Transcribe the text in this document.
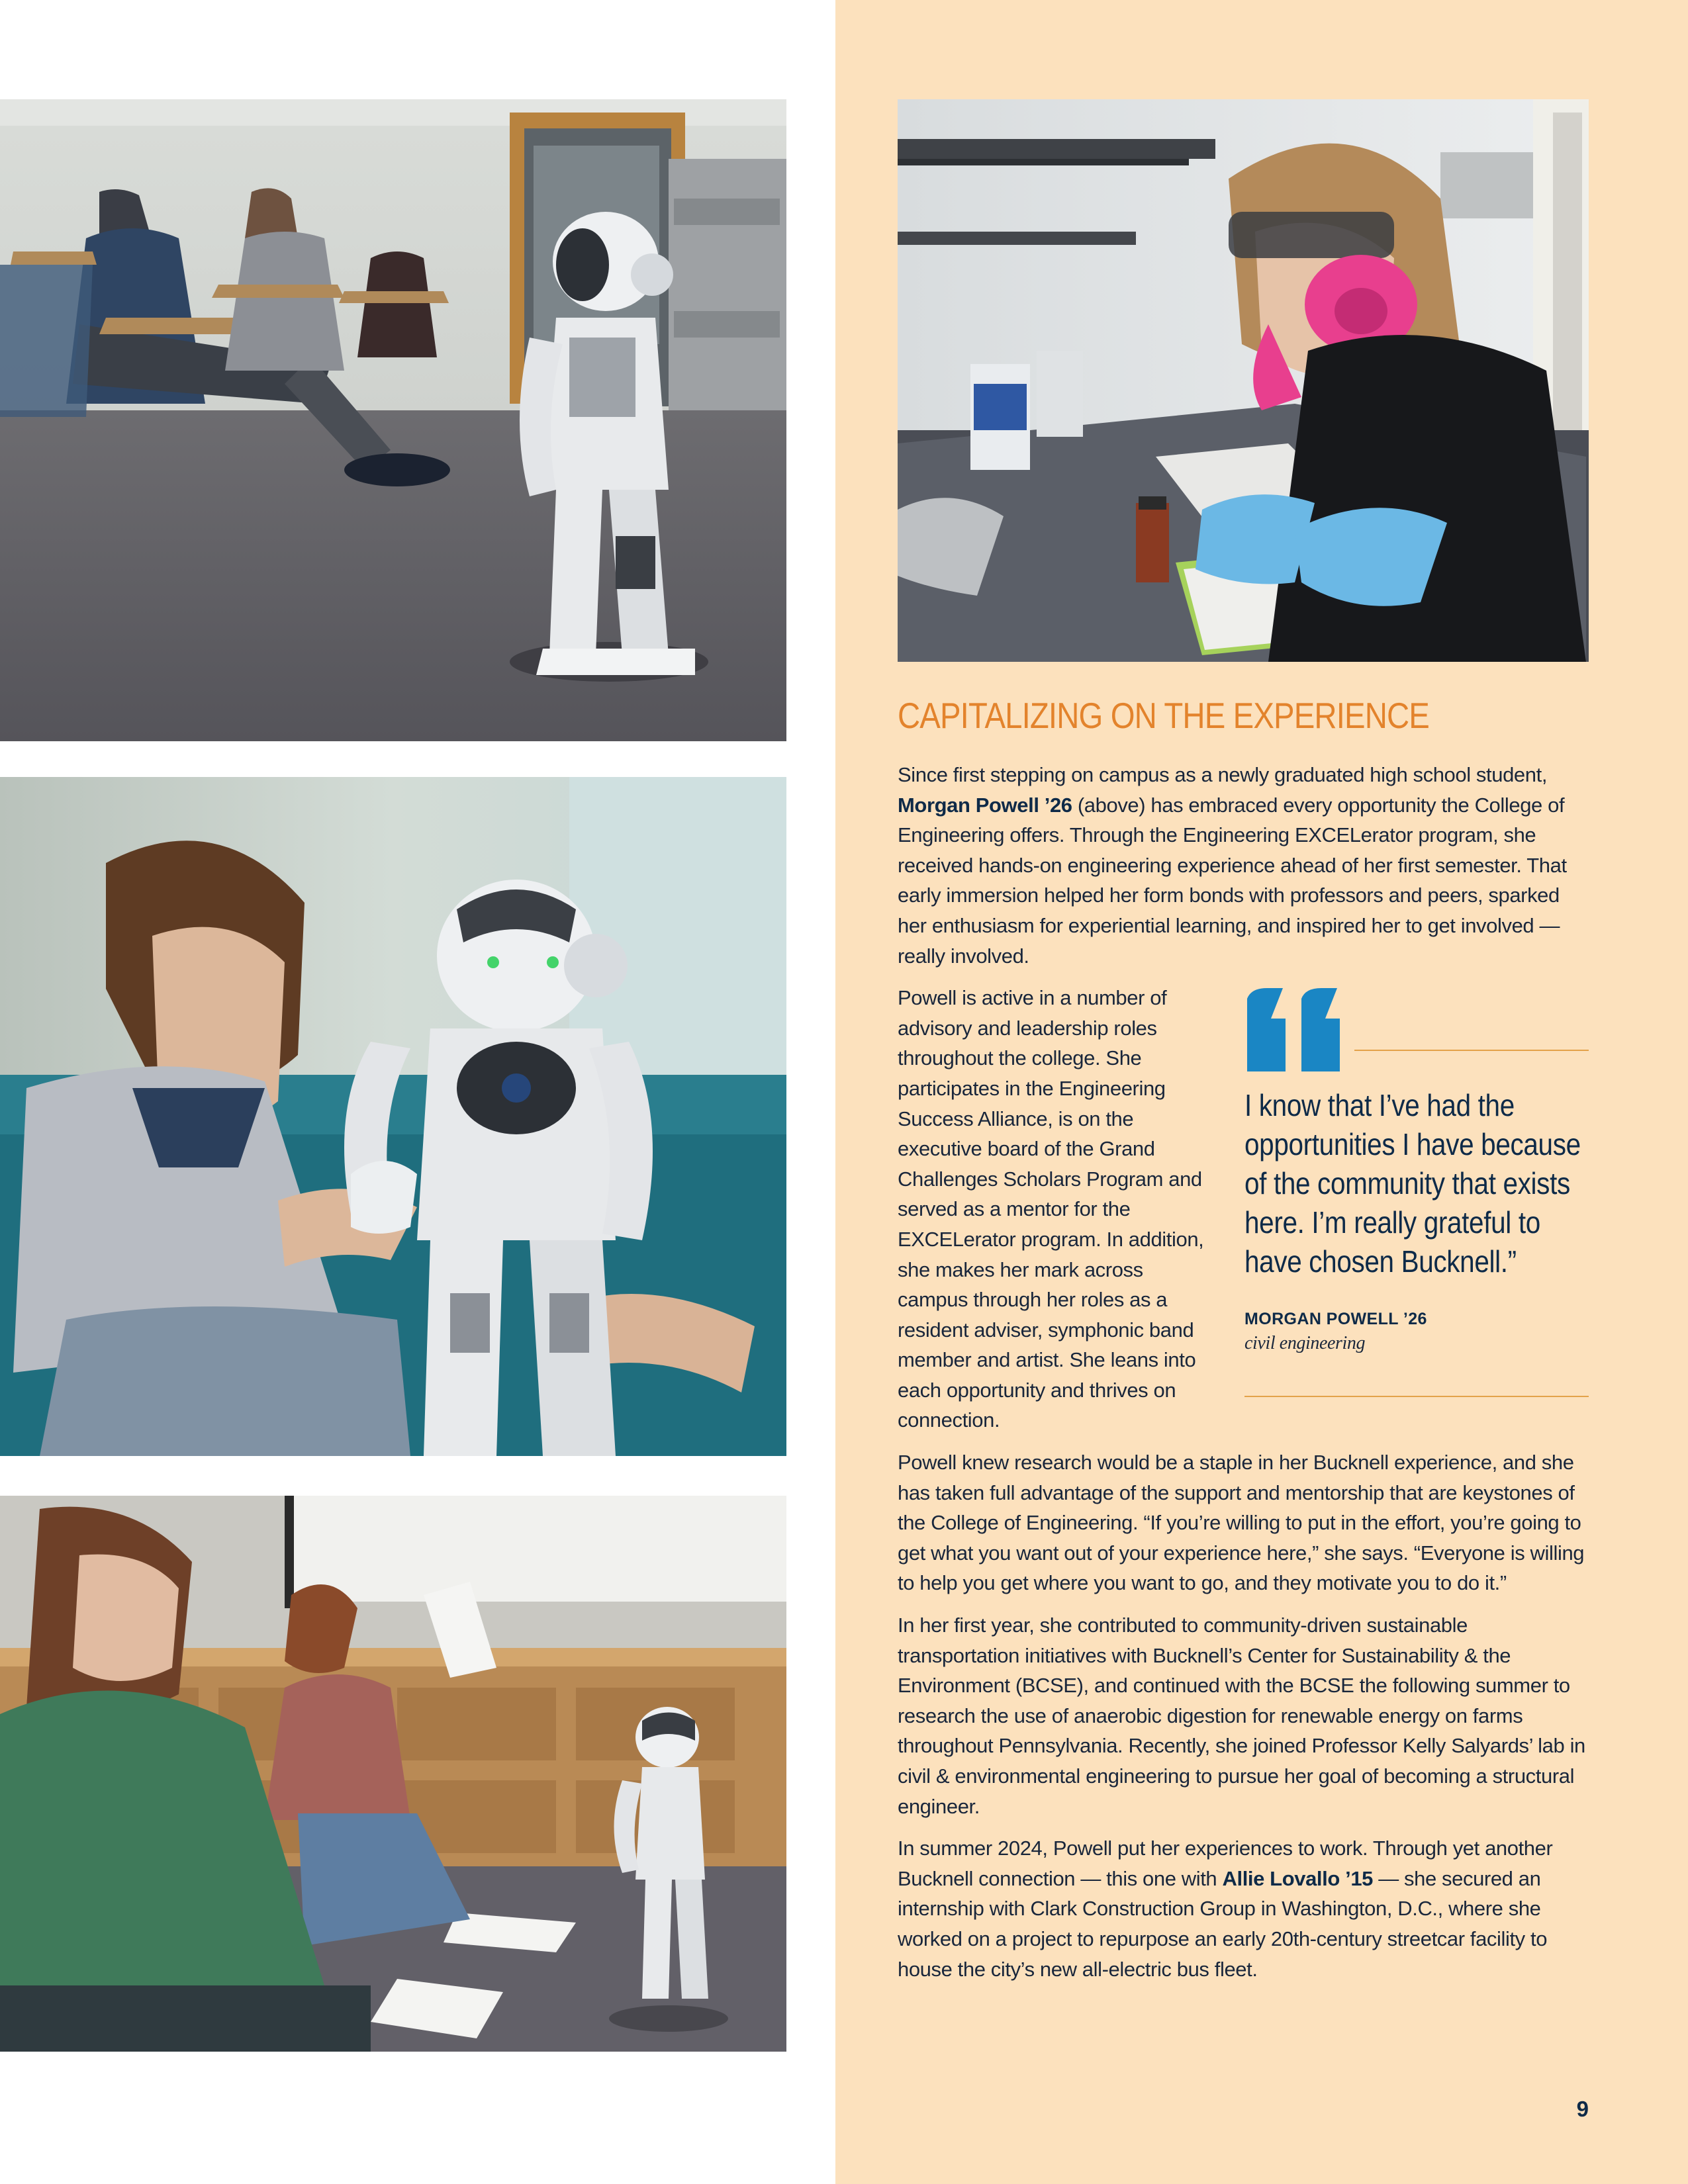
CAPITALIZING ON THE EXPERIENCE

Since first stepping on campus as a newly graduated high school student, Morgan Powell ’26 (above) has embraced every opportunity the College of Engineering offers. Through the Engineering EXCELerator program, she received hands-on engineering experience ahead of her first semester. That early immersion helped her form bonds with professors and peers, sparked her enthusiasm for experiential learning, and inspired her to get involved — really involved.

I know that I’ve had the
opportunities I have because
of the community that exists
here. I’m really grateful to
have chosen Bucknell.”
MORGAN POWELL ’26
civil engineering

Powell is active in a number of advisory and leadership roles throughout the college. She participates in the Engineering Success Alliance, is on the executive board of the Grand Challenges Scholars Program and served as a mentor for the EXCELerator program. In addition, she makes her mark across campus through her roles as a resident adviser, symphonic band member and artist. She leans into each opportunity and thrives on connection.

Powell knew research would be a staple in her Bucknell experience, and she has taken full advantage of the support and mentorship that are keystones of the College of Engineering. “If you’re willing to put in the effort, you’re going to get what you want out of your experience here,” she says. “Everyone is willing to help you get where you want to go, and they motivate you to do it.”

In her first year, she contributed to community-driven sustainable transportation initiatives with Bucknell’s Center for Sustainability & the Environment (BCSE), and continued with the BCSE the following summer to research the use of anaerobic digestion for renewable energy on farms throughout Pennsylvania. Recently, she joined Professor Kelly Salyards’ lab in civil & environmental engineering to pursue her goal of becoming a structural engineer.

In summer 2024, Powell put her experiences to work. Through yet another Bucknell connection — this one with Allie Lovallo ’15 — she secured an internship with Clark Construction Group in Washington, D.C., where she worked on a project to repurpose an early 20th-century streetcar facility to house the city’s new all-electric bus fleet.

9
